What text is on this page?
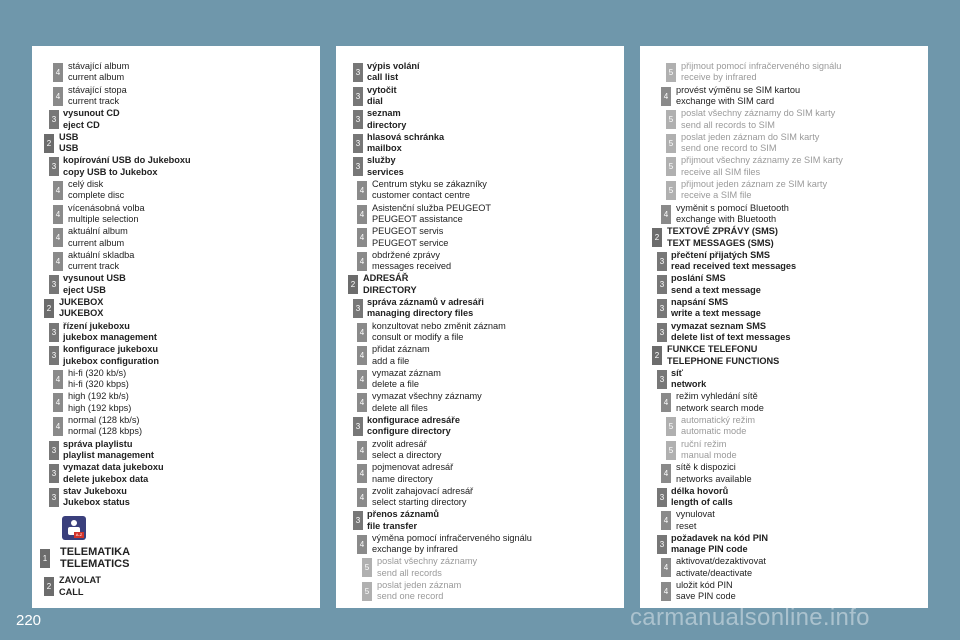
4
stávající album
current album
4
stávající stopa
current track
3
vysunout CD
eject CD
2
USB
USB
3
kopírování USB do Jukeboxu
copy USB to Jukebox
4
celý disk
complete disc
4
vícenásobná volba
multiple selection
4
aktuální album
current album
4
aktuální skladba
current track
3
vysunout USB
eject USB
2
JUKEBOX
JUKEBOX
3
řízení jukeboxu
jukebox management
3
konfigurace jukeboxu
jukebox configuration
4
hi-fi (320 kb/s)
hi-fi (320 kbps)
4
high (192 kb/s)
high (192 kbps)
4
normal (128 kb/s)
normal (128 kbps)
3
správa playlistu
playlist management
3
vymazat data jukeboxu
delete jukebox data
3
stav Jukeboxu
Jukebox status
A-Z
1
TELEMATIKA
TELEMATICS
2
ZAVOLAT
CALL
3
výpis volání
call list
3
vytočit
dial
3
seznam
directory
3
hlasová schránka
mailbox
3
služby
services
4
Centrum styku se zákazníky
customer contact centre
4
Asistenční služba PEUGEOT
PEUGEOT assistance
4
PEUGEOT servis
PEUGEOT service
4
obdržené zprávy
messages received
2
ADRESÁŘ
DIRECTORY
3
správa záznamů v adresáři
managing directory files
4
konzultovat nebo změnit záznam
consult or modify a file
4
přidat záznam
add a file
4
vymazat záznam
delete a file
4
vymazat všechny záznamy
delete all files
3
konfigurace adresáře
configure directory
4
zvolit adresář
select a directory
4
pojmenovat adresář
name directory
4
zvolit zahajovací adresář
select starting directory
3
přenos záznamů
file transfer
4
výměna pomocí infračerveného signálu
exchange by infrared
5
poslat všechny záznamy
send all records
5
poslat jeden záznam
send one record
5
přijmout pomocí infračerveného signálu
receive by infrared
4
provést výměnu se SIM kartou
exchange with SIM card
5
poslat všechny záznamy do SIM karty
send all records to SIM
5
poslat jeden záznam do SIM karty
send one record to SIM
5
přijmout všechny záznamy ze SIM karty
receive all SIM files
5
přijmout jeden záznam ze SIM karty
receive a SIM file
4
vyměnit s pomocí Bluetooth
exchange with Bluetooth
2
TEXTOVÉ ZPRÁVY (SMS)
TEXT MESSAGES (SMS)
3
přečtení přijatých SMS
read received text messages
3
poslání SMS
send a text message
3
napsání SMS
write a text message
3
vymazat seznam SMS
delete list of text messages
2
FUNKCE TELEFONU
TELEPHONE FUNCTIONS
3
síť
network
4
režim vyhledání sítě
network search mode
5
automatický režim
automatic mode
5
ruční režim
manual mode
4
sítě k dispozici
networks available
3
délka hovorů
length of calls
4
vynulovat
reset
3
požadavek na kód PIN
manage PIN code
4
aktivovat/dezaktivovat
activate/deactivate
4
uložit kód PIN
save PIN code
220	carmanualsonline.info
